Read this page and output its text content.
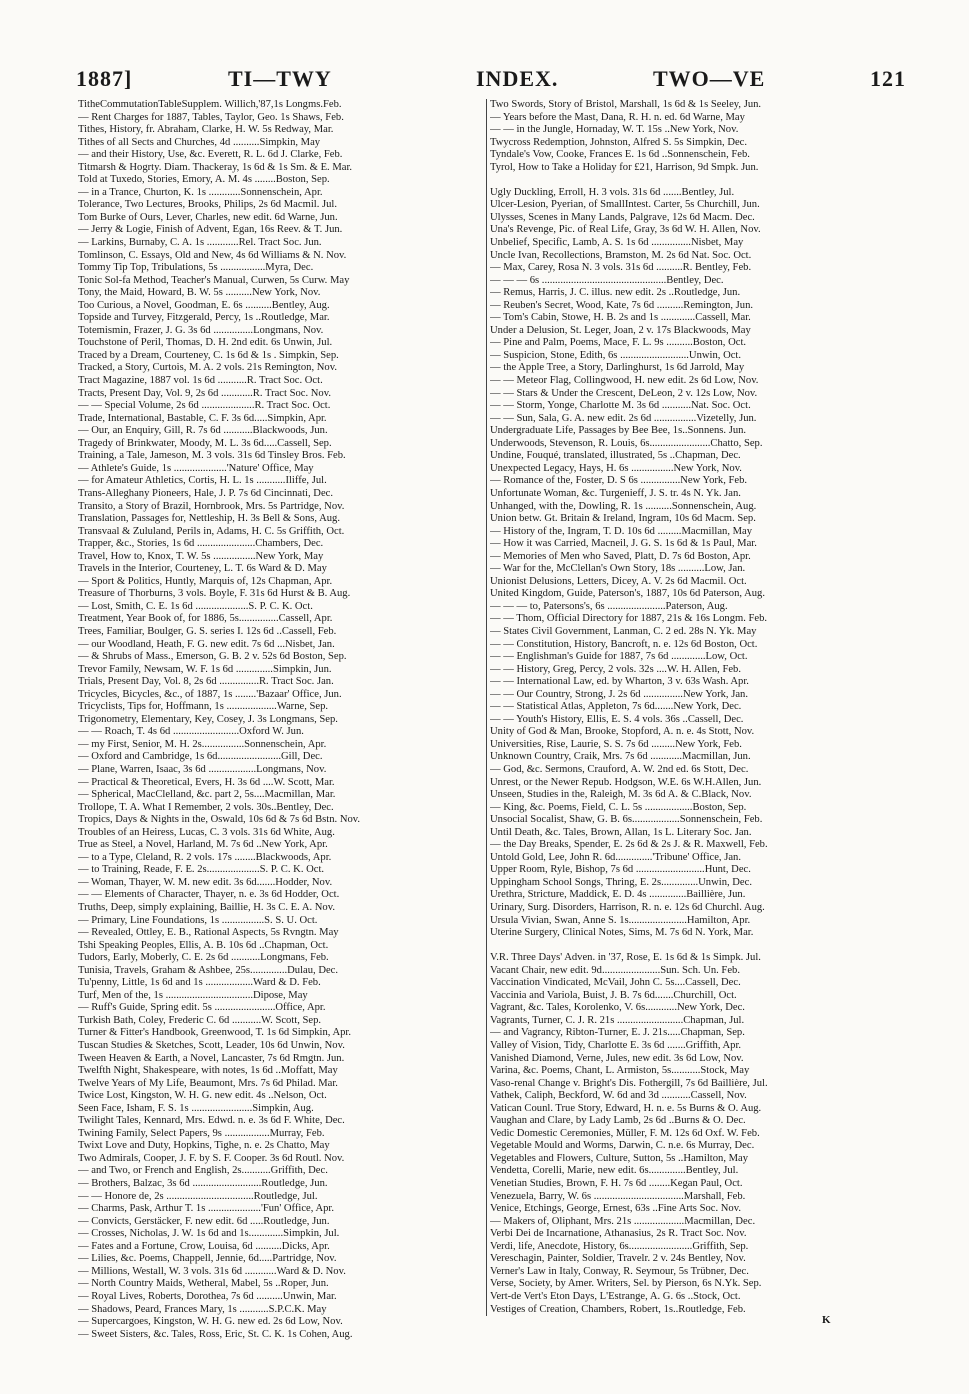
1887]	TI—TWY	INDEX.	TWO—VE	121
TitheCommutationTableSupplem. Willich,'87,1s Longms.Feb.
— Rent Charges for 1887, Tables, Taylor, Geo. 1s Shaws, Feb.
Tithes, History, fr. Abraham, Clarke, H. W. 5s Redway, Mar.
Tithes of all Sects and Churches, 4d ..........Simpkin, May
— and their History, Use, &c. Everett, R. L. 6d J. Clarke, Feb.
Titmarsh & Hogrty. Diam. Thackeray, 1s 6d & 1s Sm. & E. Mar.
Told at Tuxedo, Stories, Emory, A. M. 4s ........Boston, Sep.
— in a Trance, Churton, K. 1s ............Sonnenschein, Apr.
Tolerance, Two Lectures, Brooks, Philips, 2s 6d Macmil. Jul.
Tom Burke of Ours, Lever, Charles, new edit. 6d Warne, Jun.
— Jerry & Logie, Finish of Advent, Egan, 16s Reev. & T. Jun.
— Larkins, Burnaby, C. A. 1s ............Rel. Tract Soc. Jun.
Tomlinson, C. Essays, Old and New, 4s 6d Williams & N. Nov.
Tommy Tip Top, Tribulations, 5s .................Myra, Dec.
Tonic Sol-fa Method, Teacher's Manual, Curwen, 5s Curw. May
Tony, the Maid, Howard, B. W. 5s ..........New York, Nov.
Too Curious, a Novel, Goodman, E. 6s ..........Bentley, Aug.
Topside and Turvey, Fitzgerald, Percy, 1s ..Routledge, Mar.
Totemismin, Frazer, J. G. 3s 6d ...............Longmans, Nov.
Touchstone of Peril, Thomas, D. H. 2nd edit. 6s Unwin, Jul.
Traced by a Dream, Courteney, C. 1s 6d & 1s . Simpkin, Sep.
Tracked, a Story, Curtois, M. A. 2 vols. 21s Remington, Nov.
Tract Magazine, 1887 vol. 1s 6d ...........R. Tract Soc. Oct.
Tracts, Present Day, Vol. 9, 2s 6d ............R. Tract Soc. Nov.
— — Special Volume, 2s 6d ....................R. Tract Soc. Oct.
Trade, International, Bastable, C. F. 3s 6d.....Simpkin, Apr.
— Our, an Enquiry, Gill, R. 7s 6d ...........Blackwoods, Jun.
Tragedy of Brinkwater, Moody, M. L. 3s 6d.....Cassell, Sep.
Training, a Tale, Jameson, M. 3 vols. 31s 6d Tinsley Bros. Feb.
— Athlete's Guide, 1s ....................'Nature' Office, May
— for Amateur Athletics, Cortis, H. L. 1s ...........Iliffe, Jul.
Trans-Alleghany Pioneers, Hale, J. P. 7s 6d Cincinnati, Dec.
Transito, a Story of Brazil, Hornbrook, Mrs. 5s Partridge, Nov.
Translation, Passages for, Nettleship, H. 3s Bell & Sons, Aug.
Transvaal & Zululand, Perils in, Adams, H. C. 5s Griffith, Oct.
Trapper, &c., Stories, 1s 6d ......................Chambers, Dec.
Travel, How to, Knox, T. W. 5s ................New York, May
Travels in the Interior, Courteney, L. T. 6s Ward & D. May
— Sport & Politics, Huntly, Marquis of, 12s Chapman, Apr.
Treasure of Thorburns, 3 vols. Boyle, F. 31s 6d Hurst & B. Aug.
— Lost, Smith, C. E. 1s 6d ....................S. P. C. K. Oct.
Treatment, Year Book of, for 1886, 5s...............Cassell, Apr.
Trees, Familiar, Boulger, G. S. series I. 12s 6d ..Cassell, Feb.
— our Woodland, Heath, F. G. new edit. 7s 6d ...Nisbet, Jan.
— & Shrubs of Mass., Emerson, G. B. 2 v. 52s 6d Boston, Sep.
Trevor Family, Newsam, W. F. 1s 6d ..............Simpkin, Jun.
Trials, Present Day, Vol. 8, 2s 6d ...............R. Tract Soc. Jan.
Tricycles, Bicycles, &c., of 1887, 1s ........'Bazaar' Office, Jun.
Tricyclists, Tips for, Hoffmann, 1s ...................Warne, Sep.
Trigonometry, Elementary, Key, Cosey, J. 3s Longmans, Sep.
— — Roach, T. 4s 6d .........................Oxford W. Jun.
— my First, Senior, M. H. 2s................Sonnenschein, Apr.
— Oxford and Cambridge, 1s 6d........................Gill, Dec.
— Plane, Warren, Isaac, 3s 6d ..................Longmans, Nov.
— Practical & Theoretical, Evers, H. 3s 6d ....W. Scott, Mar.
— Spherical, MacClelland, &c. part 2, 5s....Macmillan, Mar.
Trollope, T. A. What I Remember, 2 vols. 30s..Bentley, Dec.
Tropics, Days & Nights in the, Oswald, 10s 6d & 7s 6d Bstn. Nov.
Troubles of an Heiress, Lucas, C. 3 vols. 31s 6d White, Aug.
True as Steel, a Novel, Harland, M. 7s 6d ..New York, Apr.
— to a Type, Cleland, R. 2 vols. 17s ........Blackwoods, Apr.
— to Training, Reade, F. E. 2s....................S. P. C. K. Oct.
— Woman, Thayer, W. M. new edit. 3s 6d.......Hodder, Nov.
— — Elements of Character, Thayer, n. e. 3s 6d Hodder, Oct.
Truths, Deep, simply explaining, Baillie, H. 3s C. E. A. Nov.
— Primary, Line Foundations, 1s ................S. S. U. Oct.
— Revealed, Ottley, E. B., Rational Aspects, 5s Rvngtn. May
Tshi Speaking Peoples, Ellis, A. B. 10s 6d ..Chapman, Oct.
Tudors, Early, Moberly, C. E. 2s 6d ...........Longmans, Feb.
Tunisia, Travels, Graham & Ashbee, 25s..............Dulau, Dec.
Tu'penny, Little, 1s 6d and 1s ..................Ward & D. Feb.
Turf, Men of the, 1s .................................Dipose, May
— Ruff's Guide, Spring edit. 5s .......................Office, Apr.
Turkish Bath, Coley, Frederic C. 6d ...........W. Scott, Sep.
Turner & Fitter's Handbook, Greenwood, T. 1s 6d Simpkin, Apr.
Tuscan Studies & Sketches, Scott, Leader, 10s 6d Unwin, Nov.
Tween Heaven & Earth, a Novel, Lancaster, 7s 6d Rmgtn. Jun.
Twelfth Night, Shakespeare, with notes, 1s 6d ..Moffatt, May
Twelve Years of My Life, Beaumont, Mrs. 7s 6d Philad. Mar.
Twice Lost, Kingston, W. H. G. new edit. 4s ..Nelson, Oct.
Seen Face, Isham, F. S. 1s .......................Simpkin, Aug.
Twilight Tales, Kennard, Mrs. Edwd. n. e. 3s 6d F. White, Dec.
Twining Family, Select Papers, 9s .................Murray, Feb.
Twixt Love and Duty, Hopkins, Tighe, n. e. 2s Chatto, May
Two Admirals, Cooper, J. F. by S. F. Cooper. 3s 6d Routl. Nov.
— and Two, or French and English, 2s...........Griffith, Dec.
— Brothers, Balzac, 3s 6d ..........................Routledge, Jun.
— — Honore de, 2s .................................Routledge, Jul.
— Charms, Pask, Arthur T. 1s ....................'Fun' Office, Apr.
— Convicts, Gerstäcker, F. new edit. 6d .....Routledge, Jun.
— Crosses, Nicholas, J. W. 1s 6d and 1s.............Simpkin, Jul.
— Fates and a Fortune, Crow, Louisa, 6d ..........Dicks, Apr.
— Lilies, &c. Poems, Chappell, Jennie, 6d.....Partridge, Nov.
— Millions, Westall, W. 3 vols. 31s 6d ............Ward & D. Nov.
— North Country Maids, Wetheral, Mabel, 5s ..Roper, Jun.
— Royal Lives, Roberts, Dorothea, 7s 6d ..........Unwin, Mar.
— Shadows, Peard, Frances Mary, 1s ...........S.P.C.K. May
— Supercargoes, Kingston, W. H. G. new ed. 2s 6d Low, Nov.
— Sweet Sisters, &c. Tales, Ross, Eric, St. C. K. 1s Cohen, Aug.
Two Swords, Story of Bristol, Marshall, 1s 6d & 1s Seeley, Jun.
— Years before the Mast, Dana, R. H. n. ed. 6d Warne, May
— — in the Jungle, Hornaday, W. T. 15s ..New York, Nov.
Twycross Redemption, Johnston, Alfred S. 5s Simpkin, Dec.
Tyndale's Vow, Cooke, Frances E. 1s 6d ..Sonnenschein, Feb.
Tyrol, How to Take a Holiday for £21, Harrison, 9d Smpk. Jun.
Ugly Duckling, Erroll, H. 3 vols. 31s 6d .......Bentley, Jul.
Ulcer-Lesion, Pyerian, of SmallIntest. Carter, 5s Churchill, Jun.
Ulysses, Scenes in Many Lands, Palgrave, 12s 6d Macm. Dec.
Una's Revenge, Pic. of Real Life, Gray, 3s 6d W. H. Allen, Nov.
Unbelief, Specific, Lamb, A. S. 1s 6d ...............Nisbet, May
Uncle Ivan, Recollections, Bramston, M. 2s 6d Nat. Soc. Oct.
— Max, Carey, Rosa N. 3 vols. 31s 6d ..........R. Bentley, Feb.
— — — 6s ...............................................Bentley, Dec.
— Remus, Harris, J. C. illus. new edit. 2s ..Routledge, Jun.
— Reuben's Secret, Wood, Kate, 7s 6d ..........Remington, Jun.
— Tom's Cabin, Stowe, H. B. 2s and 1s .............Cassell, Mar.
Under a Delusion, St. Leger, Joan, 2 v. 17s Blackwoods, May
— Pine and Palm, Poems, Mace, F. L. 9s ..........Boston, Oct.
— Suspicion, Stone, Edith, 6s ..........................Unwin, Oct.
— the Apple Tree, a Story, Darlinghurst, 1s 6d Jarrold, May
— — Meteor Flag, Collingwood, H. new edit. 2s 6d Low, Nov.
— — Stars & Under the Crescent, DeLeon, 2 v. 12s Low, Nov.
— — Storm, Yonge, Charlotte M. 3s 6d ...........Nat. Soc. Oct.
— — Sun, Sala, G. A. new edit. 2s 6d ................Vizetelly, Jun.
Undergraduate Life, Passages by Bee Bee, 1s..Sonnens. Jun.
Underwoods, Stevenson, R. Louis, 6s.......................Chatto, Sep.
Undine, Fouqué, translated, illustrated, 5s ..Chapman, Dec.
Unexpected Legacy, Hays, H. 6s ................New York, Nov.
— Romance of the, Foster, D. S 6s ...............New York, Feb.
Unfortunate Woman, &c. Turgenieff, J. S. tr. 4s N. Yk. Jan.
Unhanged, with the, Dowling, R. 1s ..........Sonnenschein, Aug.
Union betw. Gt. Britain & Ireland, Ingram, 10s 6d Macm. Sep.
— History of the, Ingram, T. D. 10s 6d .........Macmillan, May
— How it was Carried, Macneil, J. G. S. 1s 6d & 1s Paul, Mar.
— Memories of Men who Saved, Platt, D. 7s 6d Boston, Apr.
— War for the, McClellan's Own Story, 18s ..........Low, Jan.
Unionist Delusions, Letters, Dicey, A. V. 2s 6d Macmil. Oct.
United Kingdom, Guide, Paterson's, 1887, 10s 6d Paterson, Aug.
— — — to, Patersons's, 6s ......................Paterson, Aug.
— — Thom, Official Directory for 1887, 21s & 16s Longm. Feb.
— States Civil Government, Lanman, C. 2 ed. 28s N. Yk. May
— — Constitution, History, Bancroft, n. e. 12s 6d Boston, Oct.
— — Englishman's Guide for 1887, 7s 6d .............Low, Oct.
— — History, Greg, Percy, 2 vols. 32s ....W. H. Allen, Feb.
— — International Law, ed. by Wharton, 3 v. 63s Wash. Apr.
— — Our Country, Strong, J. 2s 6d ...............New York, Jan.
— — Statistical Atlas, Appleton, 7s 6d.......New York, Dec.
— — Youth's History, Ellis, E. S. 4 vols. 36s ..Cassell, Dec.
Unity of God & Man, Brooke, Stopford, A. n. e. 4s Stott, Nov.
Universities, Rise, Laurie, S. S. 7s 6d .........New York, Feb.
Unknown Country, Craik, Mrs. 7s 6d ............Macmillan, Jun.
— God, &c. Sermons, Crauford, A. W. 2nd ed. 6s Stott, Dec.
Unrest, or the Newer Repub. Hodgson, W.E. 6s W.H.Allen, Jun.
Unseen, Studies in the, Raleigh, M. 3s 6d A. & C.Black, Nov.
— King, &c. Poems, Field, C. L. 5s ..................Boston, Sep.
Unsocial Socalist, Shaw, G. B. 6s..................Sonnenschein, Feb.
Until Death, &c. Tales, Brown, Allan, 1s L. Literary Soc. Jan.
— the Day Breaks, Spender, E. 2s 6d & 2s J. & R. Maxwell, Feb.
Untold Gold, Lee, John R. 6d..............'Tribune' Office, Jan.
Upper Room, Ryle, Bishop, 7s 6d ..........................Hunt, Dec.
Uppingham School Songs, Thring, E. 2s..............Unwin, Dec.
Urethra, Stricture, Maddick, E. D. 4s ..............Baillière, Jun.
Urinary, Surg. Disorders, Harrison, R. n. e. 12s 6d Churchl. Aug.
Ursula Vivian, Swan, Anne S. 1s......................Hamilton, Apr.
Uterine Surgery, Clinical Notes, Sims, M. 7s 6d N. York, Mar.
V.R. Three Days' Adven. in '37, Rose, E. 1s 6d & 1s Simpk. Jul.
Vacant Chair, new edit. 9d......................Sun. Sch. Un. Feb.
Vaccination Vindicated, McVail, John C. 5s....Cassell, Dec.
Vaccinia and Variola, Buist, J. B. 7s 6d.......Churchill, Oct.
Vagrant, &c. Tales, Korolenko, V. 6s............New York, Dec.
Vagrants, Turner, C. J. R. 21s .........................Chapman, Jul.
— and Vagrancy, Ribton-Turner, E. J. 21s.....Chapman, Sep.
Valley of Vision, Tidy, Charlotte E. 3s 6d .......Griffith, Apr.
Vanished Diamond, Verne, Jules, new edit. 3s 6d Low, Nov.
Varina, &c. Poems, Chant, L. Armiston, 5s...........Stock, May
Vaso-renal Change v. Bright's Dis. Fothergill, 7s 6d Baillière, Jul.
Vathek, Caliph, Beckford, W. 6d and 3d ...........Cassell, Nov.
Vatican Counl. True Story, Edward, H. n. e. 5s Burns & O. Aug.
Vaughan and Clare, by Lady Lamb, 2s 6d ..Burns & O. Dec.
Vedic Domestic Ceremonies, Müller, F. M. 12s 6d Oxf. W. Feb.
Vegetable Mould and Worms, Darwin, C. n.e. 6s Murray, Dec.
Vegetables and Flowers, Culture, Sutton, 5s ..Hamilton, May
Vendetta, Corelli, Marie, new edit. 6s..............Bentley, Jul.
Venetian Studies, Brown, F. H. 7s 6d ........Kegan Paul, Oct.
Venezuela, Barry, W. 6s ..................................Marshall, Feb.
Venice, Etchings, George, Ernest, 63s ..Fine Arts Soc. Nov.
— Makers of, Oliphant, Mrs. 21s ...................Macmillan, Dec.
Verbi Dei de Incarnatione, Athanasius, 2s R. Tract Soc. Nov.
Verdi, life, Anecdote, History, 6s........................Griffith, Sep.
Vereschagin, Painter, Soldier, Travelr. 2 v. 24s Bentley, Nov.
Verner's Law in Italy, Conway, R. Seymour, 5s Trübner, Dec.
Verse, Society, by Amer. Writers, Sel. by Pierson, 6s N.Yk. Sep.
Vert-de Vert's Eton Days, L'Estrange, A. G. 6s ..Stock, Oct.
Vestiges of Creation, Chambers, Robert, 1s..Routledge, Feb.
K
